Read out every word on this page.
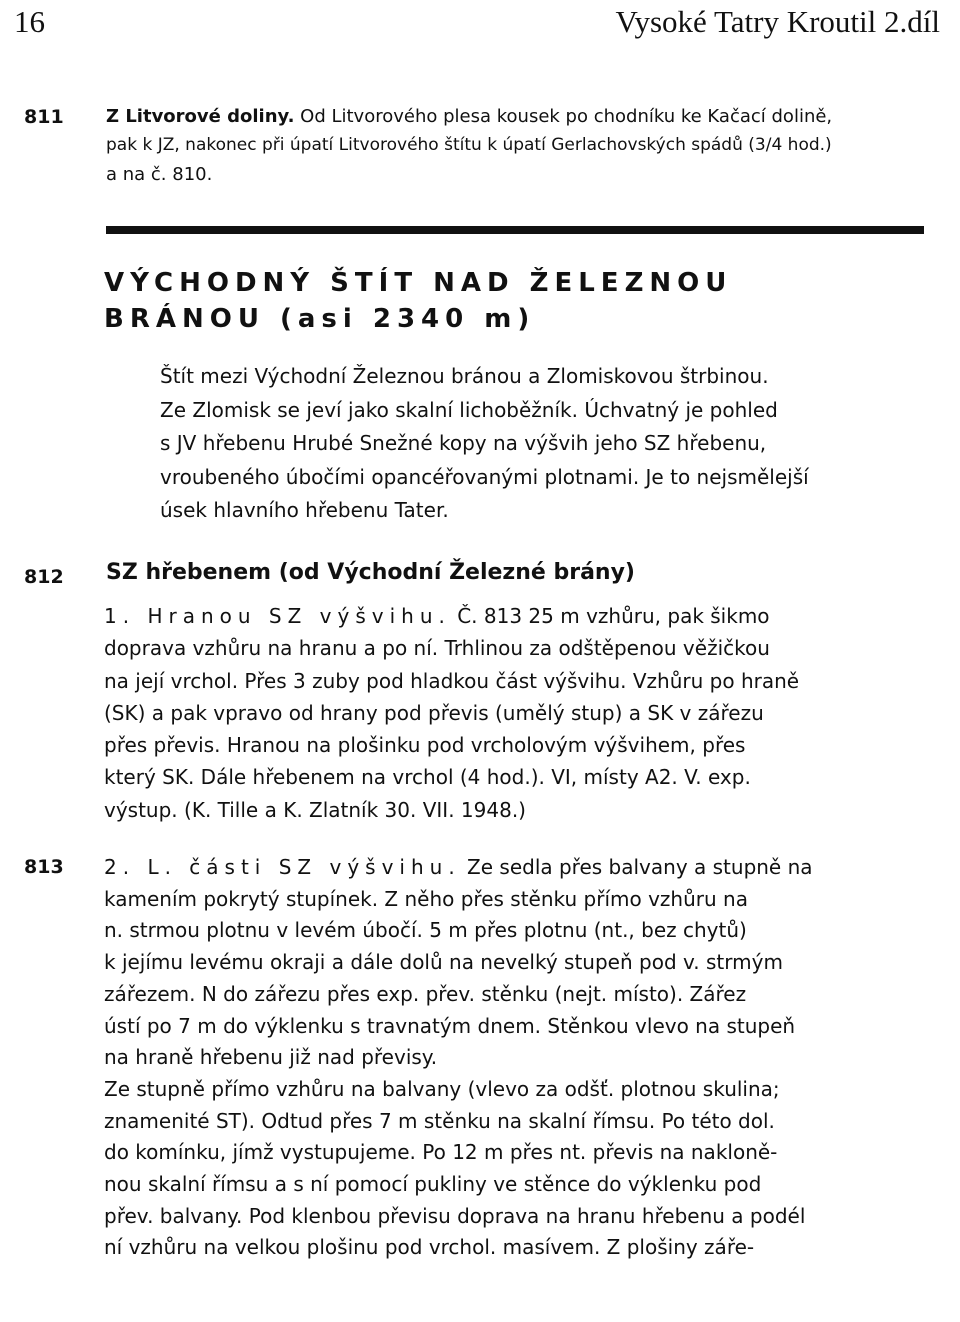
16	Vysoké Tatry Kroutil 2.díl
811 Z Litvorové doliny. Od Litvorového plesa kousek po chodníku ke Kačací dolině,
pak k JZ, nakonec při úpatí Litvorového štítu k úpatí Gerlachovských spádů (3/4 hod.)
a na č. 810.
VÝCHODNÝ ŠTÍT NAD ŽELEZNOU
BRÁNOU (asi 2340 m)
Štít mezi Východní Železnou bránou a Zlomiskovou štrbinou.
Ze Zlomisk se jeví jako skalní lichoběžník. Úchvatný je pohled
s JV hřebenu Hrubé Snežné kopy na výšvih jeho SZ hřebenu,
vroubeného úbočími opancéřovanými plotnami. Je to nejsmělejší
úsek hlavního hřebenu Tater.
812 SZ hřebenem (od Východní Železné brány)
1. Hranou SZ výšvihu. Č. 813 25 m vzhůru, pak šikmo
doprava vzhůru na hranu a po ní. Trhlinou za odštěpenou věžičkou
na její vrchol. Přes 3 zuby pod hladkou část výšvihu. Vzhůru po hraně
(SK) a pak vpravo od hrany pod převis (umělý stup) a SK v zářezu
přes převis. Hranou na plošinku pod vrcholovým výšvihem, přes
který SK. Dále hřebenem na vrchol (4 hod.). VI, místy A2. V. exp.
výstup. (K. Tille a K. Zlatník 30. VII. 1948.)
813 2. L. části SZ výšvihu. Ze sedla přes balvany a stupně na
kamením pokrytý stupínek. Z něho přes stěnku přímo vzhůru na
n. strmou plotnu v levém úbočí. 5 m přes plotnu (nt., bez chytů)
k jejímu levému okraji a dále dolů na nevelký stupeň pod v. strmým
zářezem. N do zářezu přes exp. přev. stěnku (nejt. místo). Zářez
ústí po 7 m do výklenku s travnatým dnem. Stěnkou vlevo na stupeň
na hraně hřebenu již nad převisy.
Ze stupně přímo vzhůru na balvany (vlevo za odšť. plotnou skulina;
znamenité ST). Odtud přes 7 m stěnku na skalní římsu. Po této dol.
do komínku, jímž vystupujeme. Po 12 m přes nt. převis na nakloně-
nou skalní římsu a s ní pomocí pukliny ve stěnce do výklenku pod
přev. balvany. Pod klenbou převisu doprava na hranu hřebenu a podél
ní vzhůru na velkou plošinu pod vrchol. masívem. Z plošiny záře-
